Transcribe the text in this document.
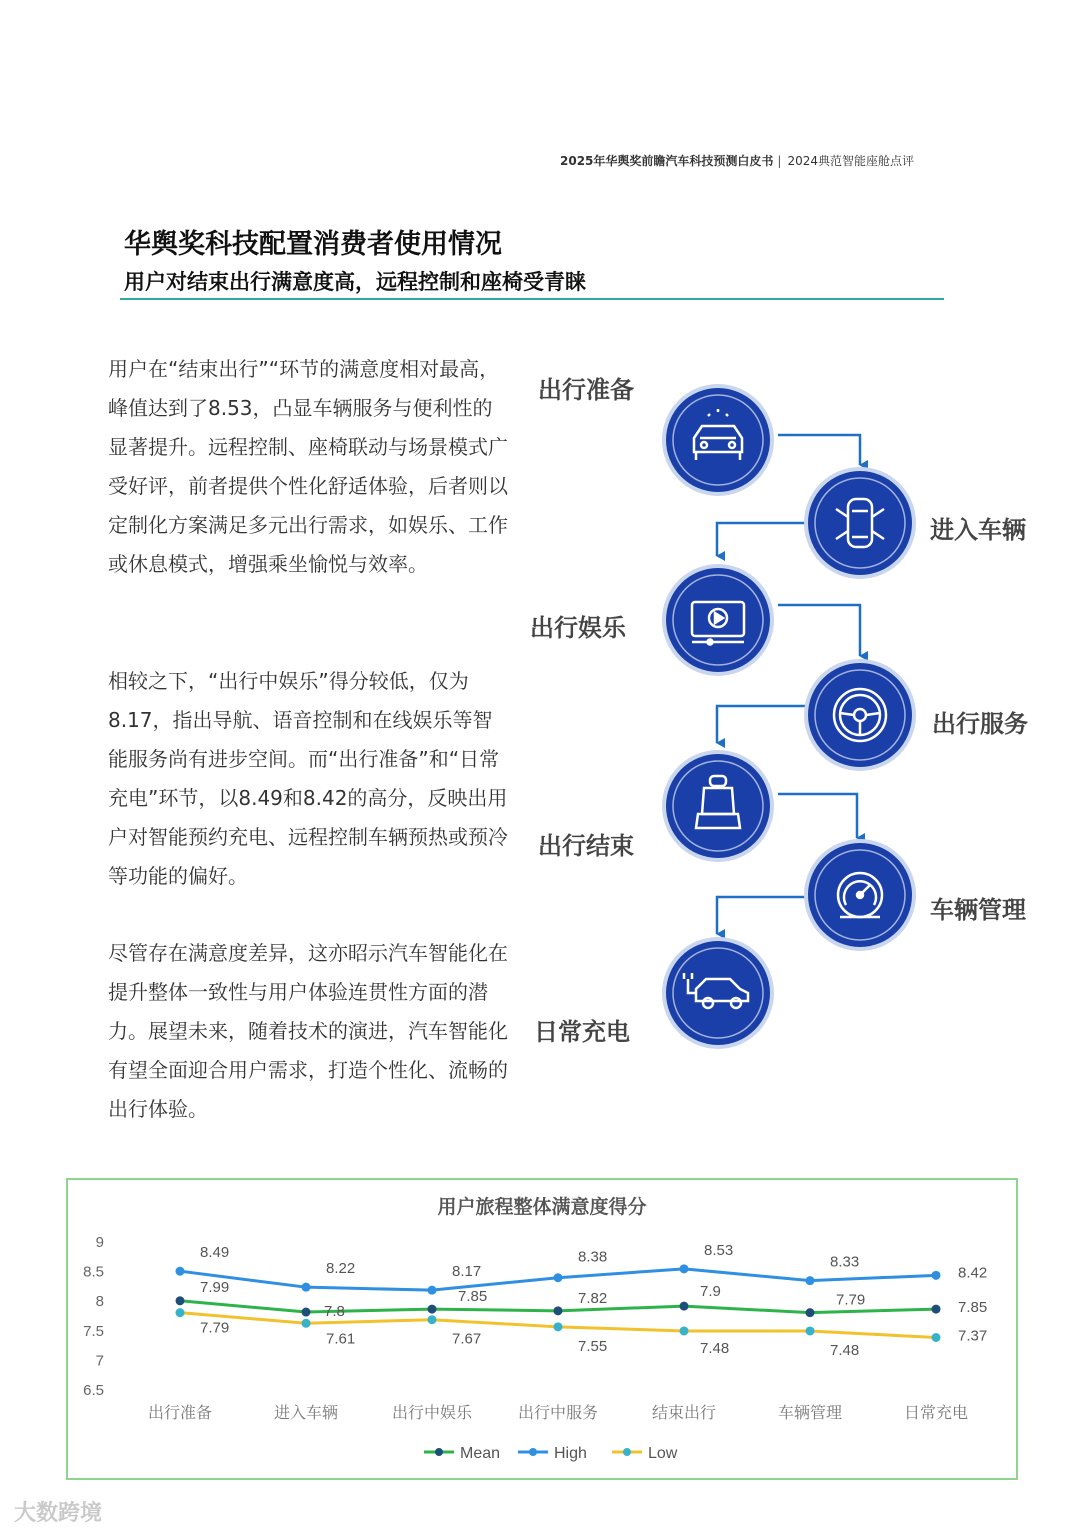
2025年华舆奖前瞻汽车科技预测白皮书 | 2024典范智能座舱点评
华舆奖科技配置消费者使用情况
用户对结束出行满意度高，远程控制和座椅受青睐
用户在“结束出行”“环节的满意度相对最高，峰值达到了8.53，凸显车辆服务与便利性的显著提升。远程控制、座椅联动与场景模式广受好评，前者提供个性化舒适体验，后者则以定制化方案满足多元出行需求，如娱乐、工作或休息模式，增强乘坐愉悦与效率。
相较之下，“出行中娱乐”得分较低，仅为8.17，指出导航、语音控制和在线娱乐等智能服务尚有进步空间。而“出行准备”和“日常充电”环节，以8.49和8.42的高分，反映出用户对智能预约充电、远程控制车辆预热或预冷等功能的偏好。
尽管存在满意度差异，这亦昭示汽车智能化在提升整体一致性与用户体验连贯性方面的潜力。展望未来，随着技术的演进，汽车智能化有望全面迎合用户需求，打造个性化、流畅的出行体验。
出行准备
进入车辆
出行娱乐
出行服务
出行结束
车辆管理
日常充电
用户旅程整体满意度得分
9
8.5
8
7.5
7
6.5
出行准备	进入车辆	出行中娱乐	出行中服务	结束出行	车辆管理	日常充电
7.99
7.8
7.85	7.82	7.9
7.79	7.85
8.49
8.22	8.17
8.38	8.53
8.33
8.42
7.79
7.61	7.67	7.55	7.48	7.48
7.37
Mean	High	Low
大数跨境
